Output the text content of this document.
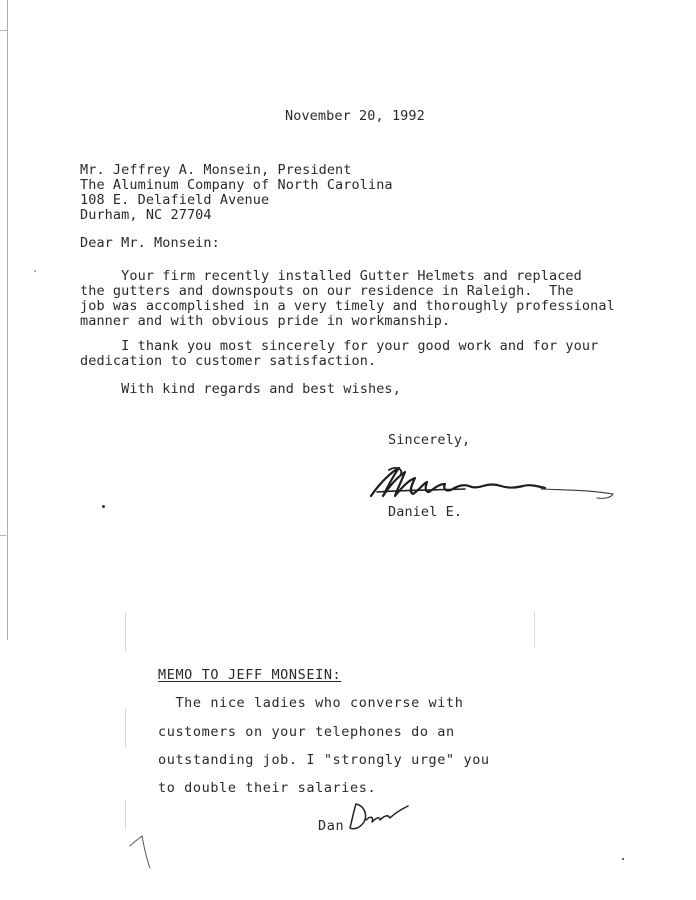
November 20, 1992
Mr. Jeffrey A. Monsein, President
The Aluminum Company of North Carolina
108 E. Delafield Avenue
Durham, NC 27704
Dear Mr. Monsein:
Your firm recently installed Gutter Helmets and replaced
the gutters and downspouts on our residence in Raleigh.  The
job was accomplished in a very timely and thoroughly professional
manner and with obvious pride in workmanship.
I thank you most sincerely for your good work and for your
dedication to customer satisfaction.
With kind regards and best wishes,
Sincerely,
Daniel E.
MEMO TO JEFF MONSEIN:
The nice ladies who converse with
customers on your telephones do an
outstanding job. I "strongly urge" you
to double their salaries.
Dan
